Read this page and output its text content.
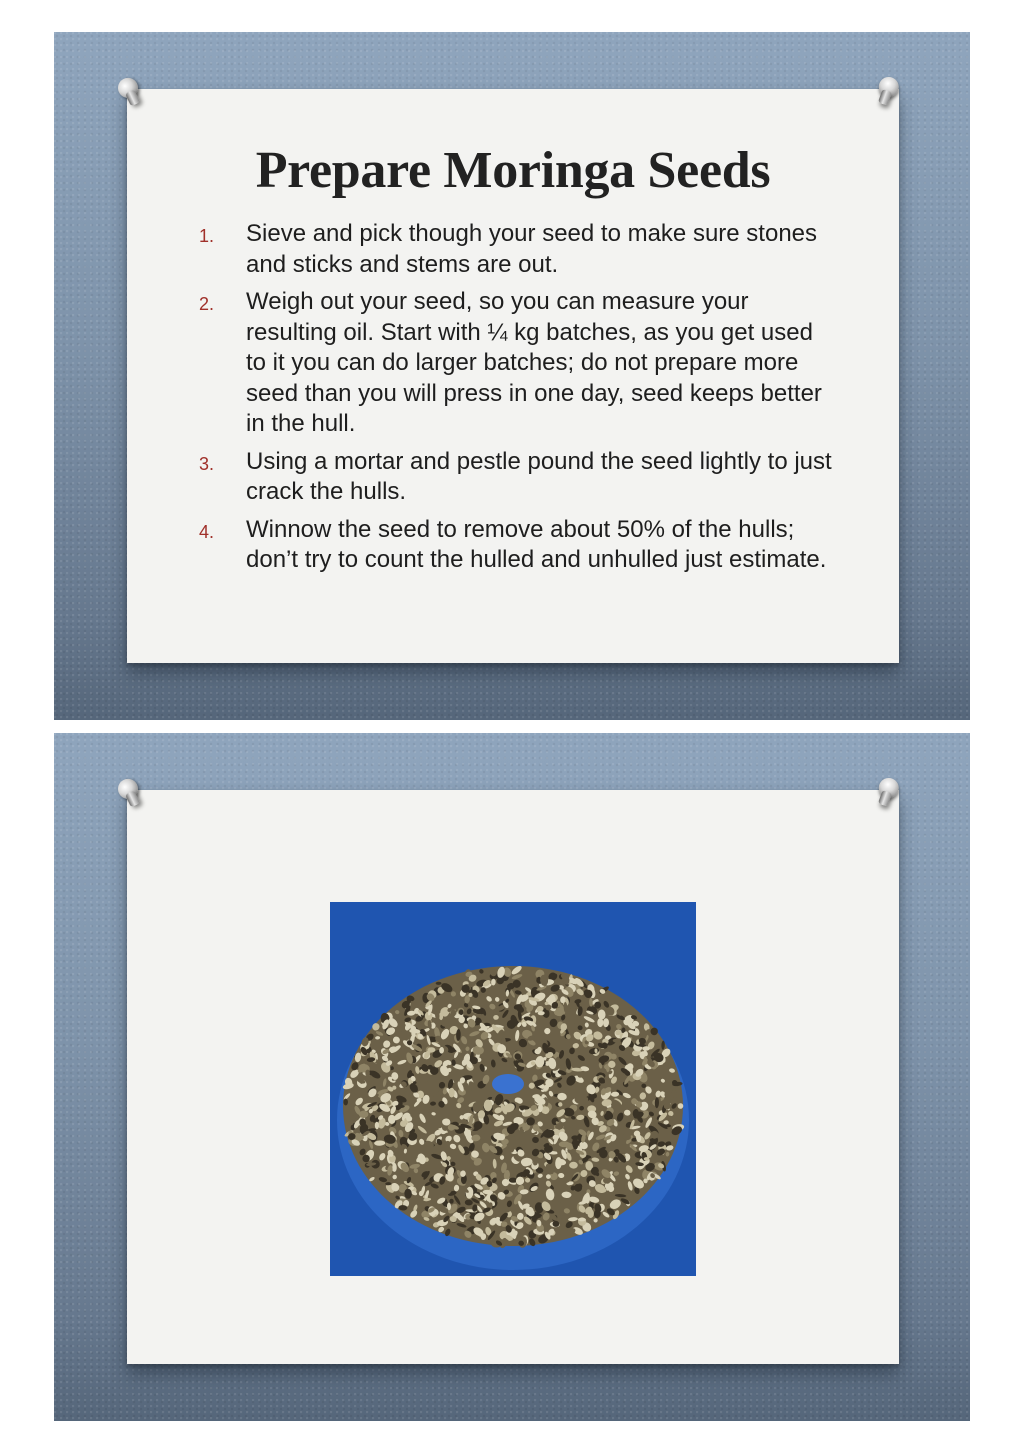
Prepare Moringa Seeds
1. Sieve and pick though your seed to make sure stones and sticks and stems are out.
2. Weigh out your seed, so you can measure your resulting oil. Start with ¼ kg batches, as you get used to it you can do larger batches; do not prepare more seed than you will press in one day, seed keeps better in the hull.
3. Using a mortar and pestle pound the seed lightly to just crack the hulls.
4. Winnow the seed to remove about 50% of the hulls; don’t try to count the hulled and unhulled just estimate.
